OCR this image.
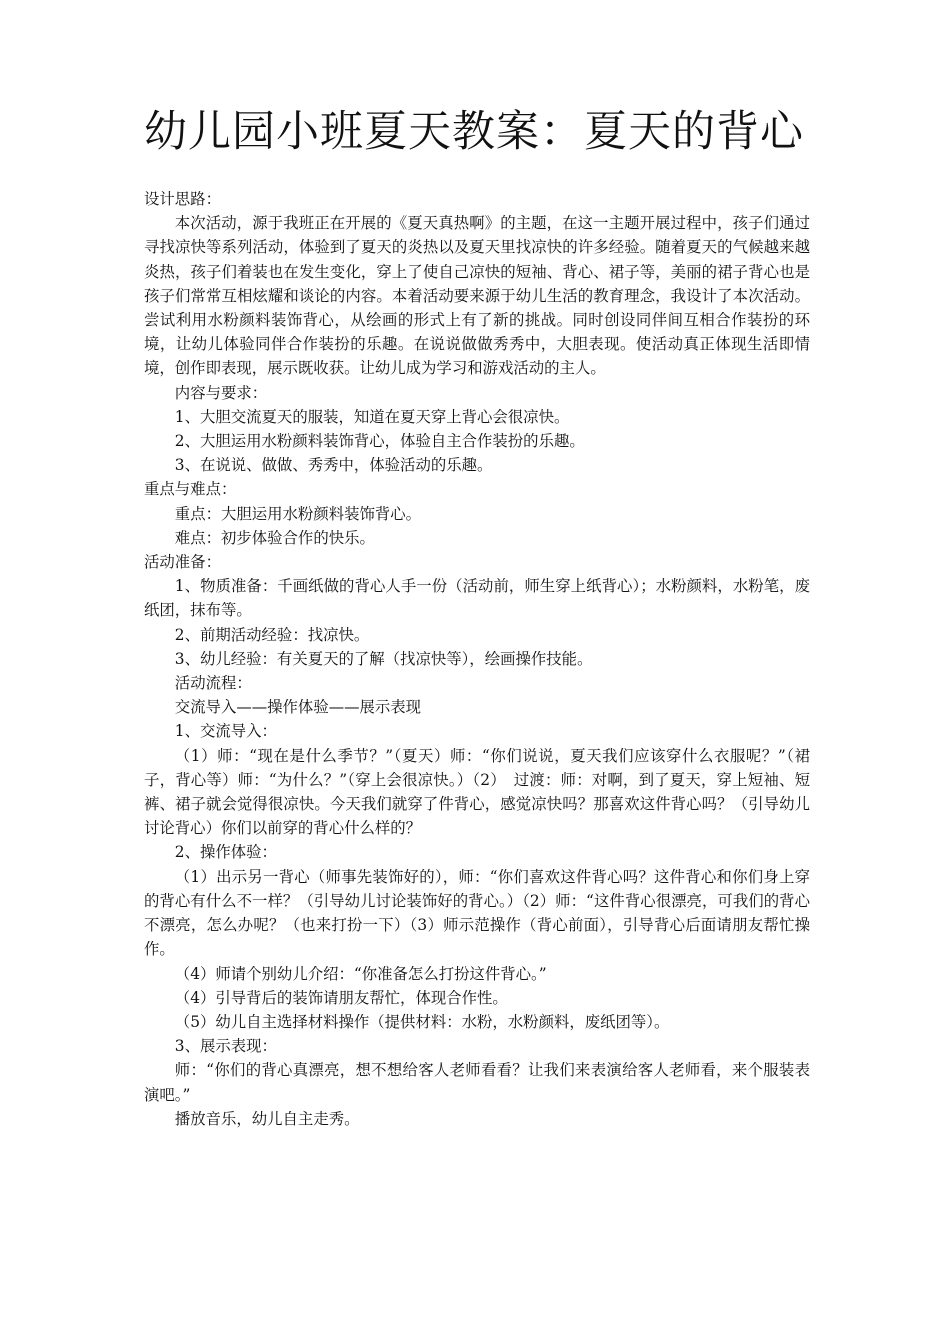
幼儿园小班夏天教案：夏天的背心

设计思路：

本次活动，源于我班正在开展的《夏天真热啊》的主题，在这一主题开展过程中，孩子们通过寻找凉快等系列活动，体验到了夏天的炎热以及夏天里找凉快的许多经验。随着夏天的气候越来越炎热，孩子们着装也在发生变化，穿上了使自己凉快的短袖、背心、裙子等，美丽的裙子背心也是孩子们常常互相炫耀和谈论的内容。本着活动要来源于幼儿生活的教育理念，我设计了本次活动。尝试利用水粉颜料装饰背心，从绘画的形式上有了新的挑战。同时创设同伴间互相合作装扮的环境，让幼儿体验同伴合作装扮的乐趣。在说说做做秀秀中，大胆表现。使活动真正体现生活即情境，创作即表现，展示既收获。让幼儿成为学习和游戏活动的主人。

内容与要求：

1、大胆交流夏天的服装，知道在夏天穿上背心会很凉快。

2、大胆运用水粉颜料装饰背心，体验自主合作装扮的乐趣。

3、在说说、做做、秀秀中，体验活动的乐趣。

重点与难点：

重点：大胆运用水粉颜料装饰背心。

难点：初步体验合作的快乐。

活动准备：

1、物质准备：千画纸做的背心人手一份（活动前，师生穿上纸背心）；水粉颜料，水粉笔，废纸团，抹布等。

2、前期活动经验：找凉快。

3、幼儿经验：有关夏天的了解（找凉快等），绘画操作技能。

活动流程：

交流导入——操作体验——展示表现

1、交流导入：

（1）师：“现在是什么季节？”（夏天）师：“你们说说，夏天我们应该穿什么衣服呢？”（裙子，背心等）师：“为什么？”（穿上会很凉快。）（2）　过渡：师：对啊，到了夏天，穿上短袖、短裤、裙子就会觉得很凉快。今天我们就穿了件背心，感觉凉快吗？那喜欢这件背心吗？（引导幼儿讨论背心）你们以前穿的背心什么样的？

2、操作体验：

（1）出示另一背心（师事先装饰好的），师：“你们喜欢这件背心吗？这件背心和你们身上穿的背心有什么不一样？（引导幼儿讨论装饰好的背心。）（2）师：“这件背心很漂亮，可我们的背心不漂亮，怎么办呢？（也来打扮一下）（3）师示范操作（背心前面），引导背心后面请朋友帮忙操作。

（4）师请个别幼儿介绍：“你准备怎么打扮这件背心。”

（4）引导背后的装饰请朋友帮忙，体现合作性。

（5）幼儿自主选择材料操作（提供材料：水粉，水粉颜料，废纸团等）。

3、展示表现：

师：“你们的背心真漂亮，想不想给客人老师看看？让我们来表演给客人老师看，来个服装表演吧。”

播放音乐，幼儿自主走秀。
